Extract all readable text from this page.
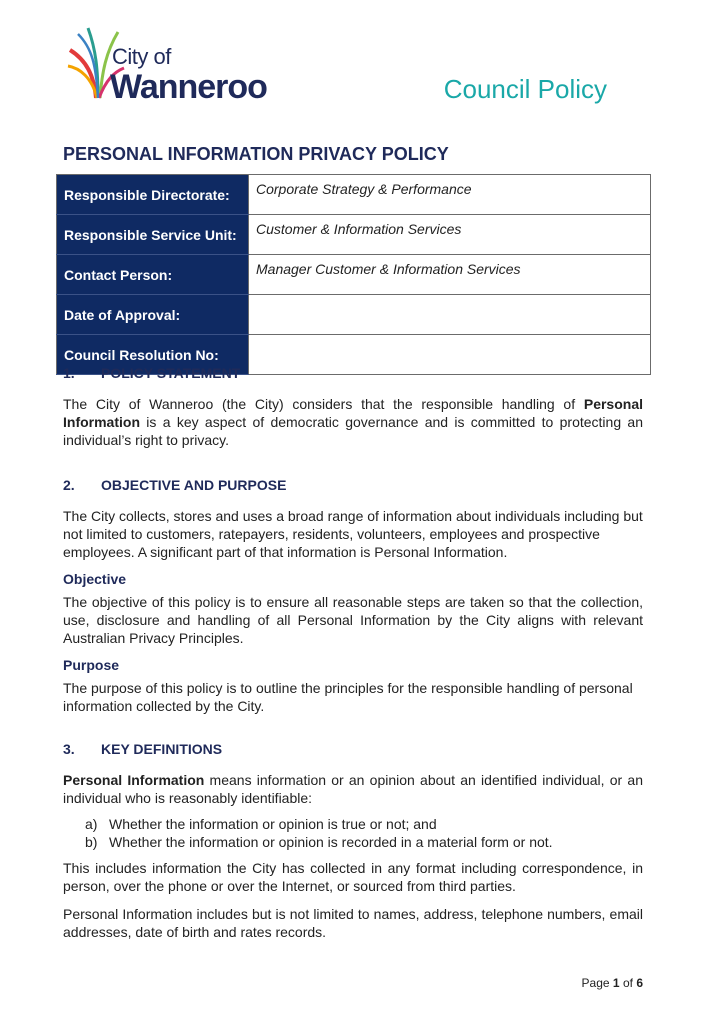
City of
Wanneroo	Council Policy
PERSONAL INFORMATION PRIVACY POLICY
Responsible Directorate:	Corporate Strategy & Performance
Responsible Service Unit:	Customer & Information Services
Contact Person:	Manager Customer & Information Services
Date of Approval:	
Council Resolution No:	
1. POLICY STATEMENT

The City of Wanneroo (the City) considers that the responsible handling of Personal Information is a key aspect of democratic governance and is committed to protecting an individual’s right to privacy.

2. OBJECTIVE AND PURPOSE

The City collects, stores and uses a broad range of information about individuals including but not limited to customers, ratepayers, residents, volunteers, employees and prospective employees. A significant part of that information is Personal Information.

Objective

The objective of this policy is to ensure all reasonable steps are taken so that the collection, use, disclosure and handling of all Personal Information by the City aligns with relevant Australian Privacy Principles.

Purpose

The purpose of this policy is to outline the principles for the responsible handling of personal information collected by the City.

3. KEY DEFINITIONS

Personal Information means information or an opinion about an identified individual, or an individual who is reasonably identifiable:

a) Whether the information or opinion is true or not; and
b) Whether the information or opinion is recorded in a material form or not.

This includes information the City has collected in any format including correspondence, in person, over the phone or over the Internet, or sourced from third parties.

Personal Information includes but is not limited to names, address, telephone numbers, email addresses, date of birth and rates records.

Page 1 of 6
